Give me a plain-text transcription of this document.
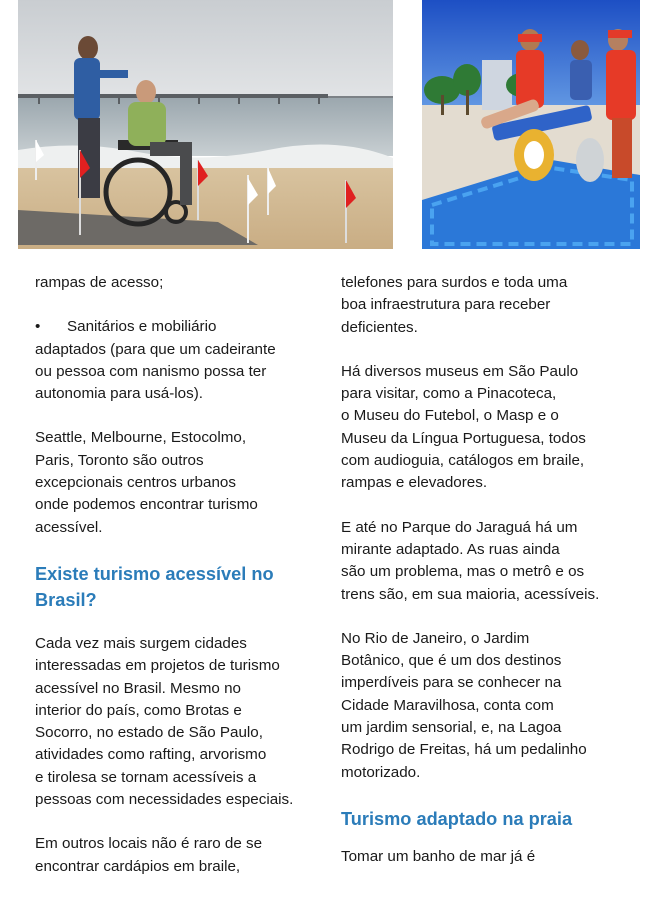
rampas de acesso;

• Sanitários e mobiliário
adaptados (para que um cadeirante
ou pessoa com nanismo possa ter
autonomia para usá-los).

Seattle, Melbourne, Estocolmo,
Paris, Toronto são outros
excepcionais centros urbanos
onde podemos encontrar turismo
acessível.

Existe turismo acessível no
Brasil?

Cada vez mais surgem cidades
interessadas em projetos de turismo
acessível no Brasil. Mesmo no
interior do país, como Brotas e
Socorro, no estado de São Paulo,
atividades como rafting, arvorismo
e tirolesa se tornam acessíveis a
pessoas com necessidades especiais.

Em outros locais não é raro de se
encontrar cardápios em braile,

telefones para surdos e toda uma
boa infraestrutura para receber
deficientes.

Há diversos museus em São Paulo
para visitar, como a Pinacoteca,
o Museu do Futebol, o Masp e o
Museu da Língua Portuguesa, todos
com audioguia, catálogos em braile,
rampas e elevadores.

E até no Parque do Jaraguá há um
mirante adaptado. As ruas ainda
são um problema, mas o metrô e os
trens são, em sua maioria, acessíveis.

No Rio de Janeiro, o Jardim
Botânico, que é um dos destinos
imperdíveis para se conhecer na
Cidade Maravilhosa, conta com
um jardim sensorial, e, na Lagoa
Rodrigo de Freitas, há um pedalinho
motorizado.

Turismo adaptado na praia

Tomar um banho de mar já é
